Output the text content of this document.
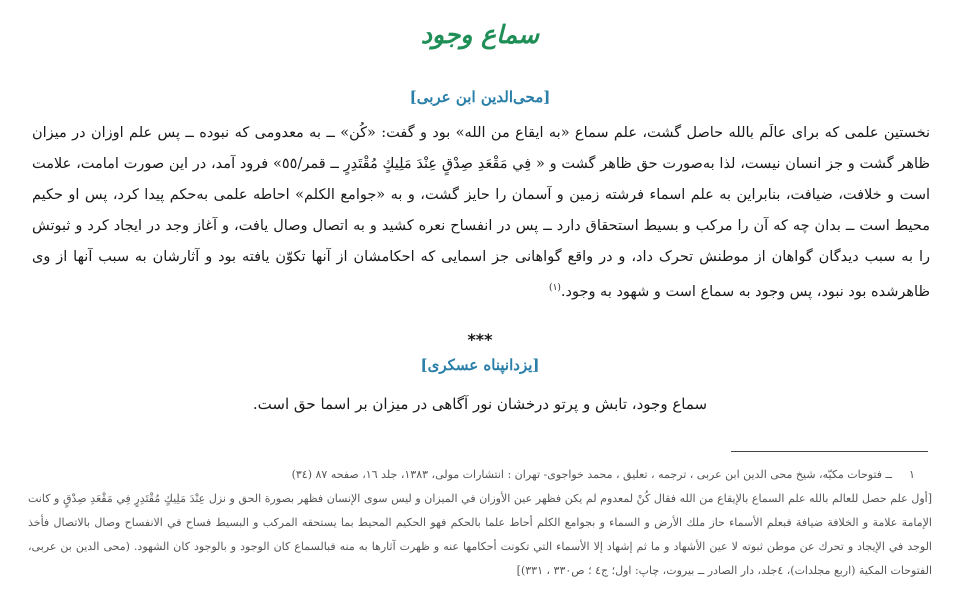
سماع وجود
[محی‌الدین ابن عربی]

نخستین علمی که برای عالَم بالله حاصل گشت، علم سماع «به ایقاع من الله» بود و گفت: «کُن» ــ به معدومی که نبوده ــ پس علم اوزان در میزان ظاهر گشت و جز انسان نیست، لذا به‌صورت حق ظاهر گشت و « فِي مَقْعَدِ صِدْقٍ عِنْدَ مَلِيكٍ مُقْتَدِرٍ ــ قمر/٥٥» فرود آمد، در این صورت امامت، علامت است و خلافت، ضیافت، بنابراین به علم اسماء فرشته زمین و آسمان را حایز گشت، و به «جوامع الکلم» احاطه علمی به‌حکم پیدا کرد، پس او حکیم محیط است ــ بدان چه که آن را مرکب و بسیط استحقاق دارد ــ پس در انفساح نعره کشید و به اتصال وصال یافت، و آغاز وجد در ایجاد کرد و ثبوتش را به سبب دیدگان گواهان از موطنش تحرک داد، و در واقع گواهانی جز اسمایی که احکامشان از آنها تکوّن یافته بود و آثارشان به سبب آنها از وی ظاهرشده بود نبود، پس وجود به سماع است و شهود به وجود.$^{(١)}$

***
[یزدانپناه عسکری]
سماع وجود، تابش و پرتو درخشان نور آگاهی در میزان بر اسما حق است.

١ــ فتوحات مکیّه، شیخ محی الدین ابن عربی ، ترجمه ، تعلیق ، محمد خواجوی- تهران : انتشارات مولی، ١٣٨٣، جلد ١٦، صفحه ٨٧ (٣٤)

[أول علم حصل للعالم بالله علم السماع بالإيقاع من الله فقال كُنْ لمعدوم لم يكن فظهر عين الأوزان في الميزان و ليس سوى الإنسان فظهر بصورة الحق و نزل عِنْدَ مَلِيكٍ مُقْتَدِرٍ فِي مَقْعَدِ صِدْقٍ و كانت الإمامة علامة و الخلافة ضيافة فبعلم الأسماء حاز ملك الأرض و السماء و بجوامع الكلم أحاط علما بالحكم فهو الحكيم المحيط بما يستحقه المركب و البسيط فساح في الانفساح وصال بالاتصال فأخذ الوجد في الإيجاد و تحرك عن موطن ثبوته لا عين الأشهاد و ما ثم إشهاد إلا الأسماء التي تكونت أحكامها عنه و ظهرت آثارها به منه فبالسماع كان الوجود و بالوجود كان الشهود. (محی الدين بن عربی، الفتوحات المكية (اربع مجلدات)، ٤جلد، دار الصادر ــ بيروت، چاپ: اول؛ ج٤ ؛ ص٣٣٠ ، ٣٣١)]
